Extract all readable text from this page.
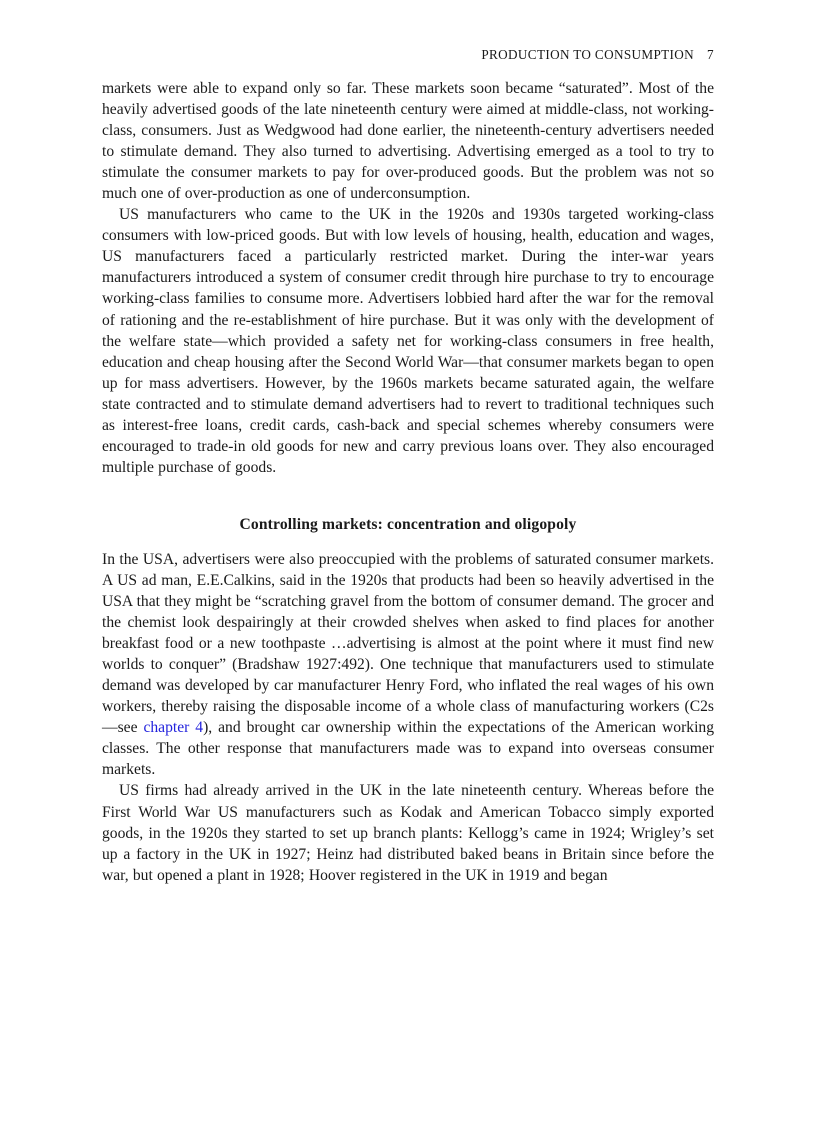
PRODUCTION TO CONSUMPTION 7

markets were able to expand only so far. These markets soon became “saturated”. Most of the heavily advertised goods of the late nineteenth century were aimed at middle-class, not working-class, consumers. Just as Wedgwood had done earlier, the nineteenth-century advertisers needed to stimulate demand. They also turned to advertising. Advertising emerged as a tool to try to stimulate the consumer markets to pay for over-produced goods. But the problem was not so much one of over-production as one of underconsumption.

US manufacturers who came to the UK in the 1920s and 1930s targeted working-class consumers with low-priced goods. But with low levels of housing, health, education and wages, US manufacturers faced a particularly restricted market. During the inter-war years manufacturers introduced a system of consumer credit through hire purchase to try to encourage working-class families to consume more. Advertisers lobbied hard after the war for the removal of rationing and the re-establishment of hire purchase. But it was only with the development of the welfare state—which provided a safety net for working-class consumers in free health, education and cheap housing after the Second World War—that consumer markets began to open up for mass advertisers. However, by the 1960s markets became saturated again, the welfare state contracted and to stimulate demand advertisers had to revert to traditional techniques such as interest-free loans, credit cards, cash-back and special schemes whereby consumers were encouraged to trade-in old goods for new and carry previous loans over. They also encouraged multiple purchase of goods.

Controlling markets: concentration and oligopoly

In the USA, advertisers were also preoccupied with the problems of saturated consumer markets. A US ad man, E.E.Calkins, said in the 1920s that products had been so heavily advertised in the USA that they might be “scratching gravel from the bottom of consumer demand. The grocer and the chemist look despairingly at their crowded shelves when asked to find places for another breakfast food or a new toothpaste …advertising is almost at the point where it must find new worlds to conquer” (Bradshaw 1927:492). One technique that manufacturers used to stimulate demand was developed by car manufacturer Henry Ford, who inflated the real wages of his own workers, thereby raising the disposable income of a whole class of manufacturing workers (C2s—see chapter 4), and brought car ownership within the expectations of the American working classes. The other response that manufacturers made was to expand into overseas consumer markets.

US firms had already arrived in the UK in the late nineteenth century. Whereas before the First World War US manufacturers such as Kodak and American Tobacco simply exported goods, in the 1920s they started to set up branch plants: Kellogg’s came in 1924; Wrigley’s set up a factory in the UK in 1927; Heinz had distributed baked beans in Britain since before the war, but opened a plant in 1928; Hoover registered in the UK in 1919 and began
